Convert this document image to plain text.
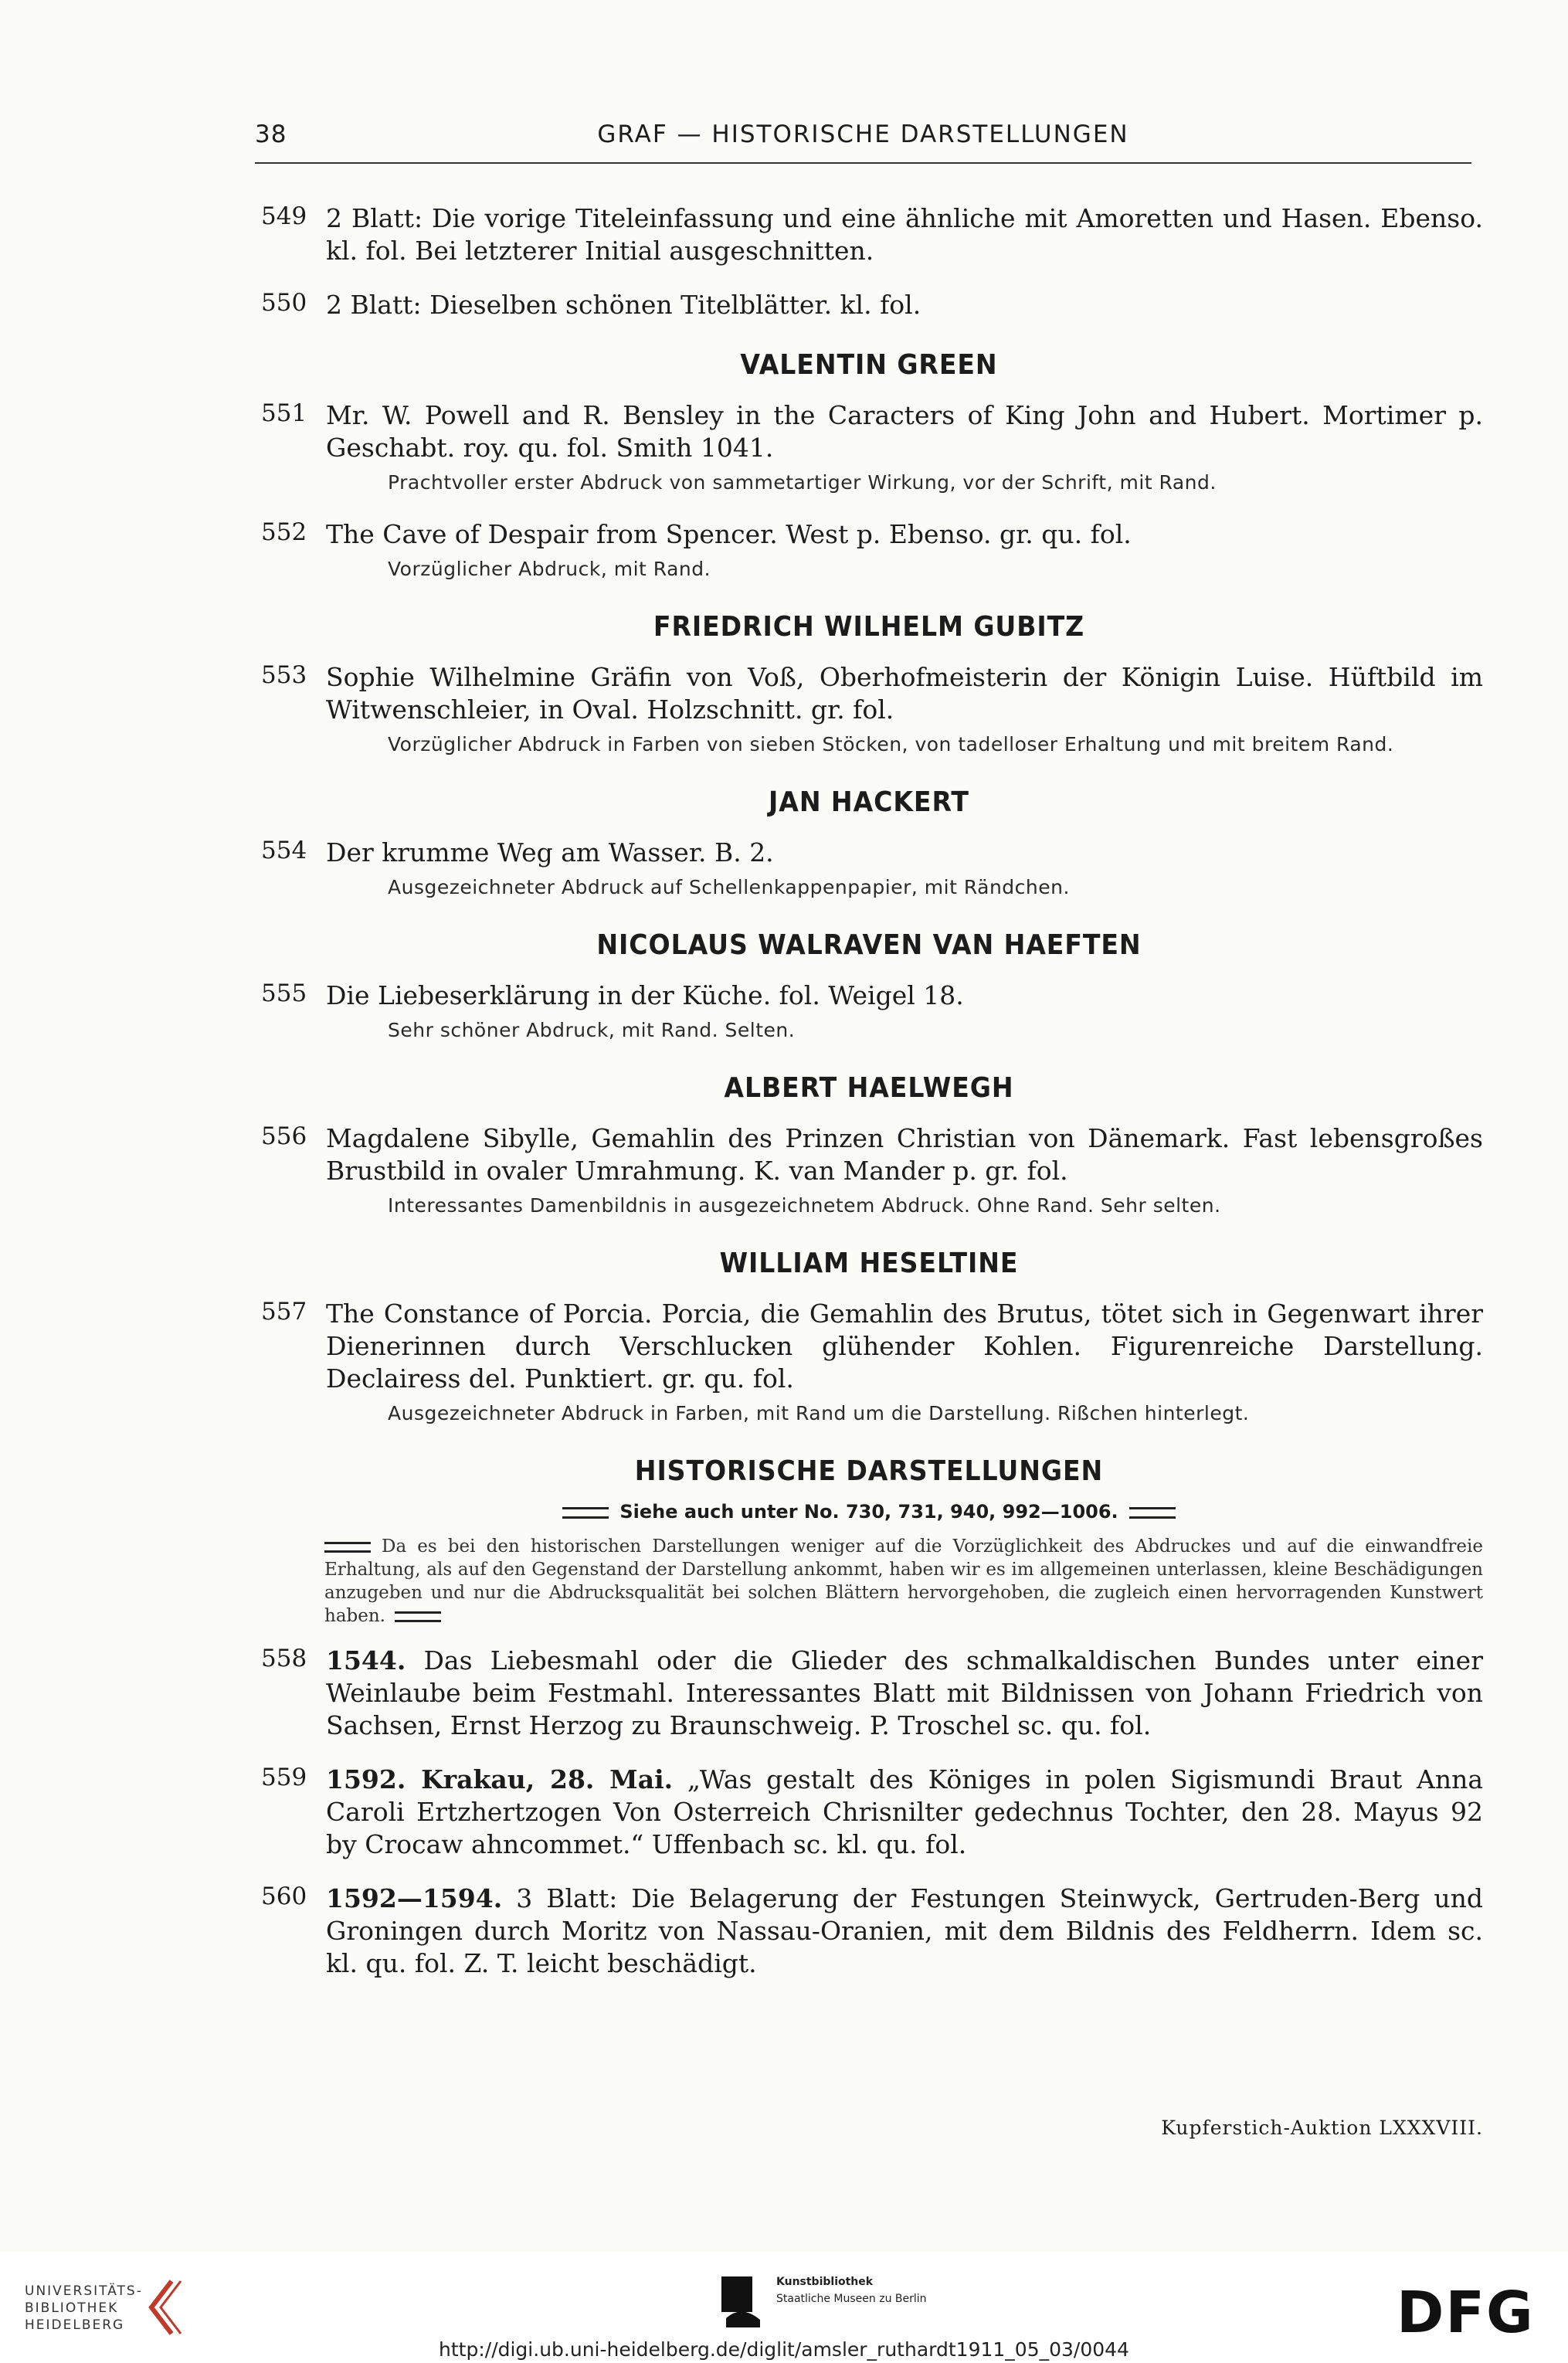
38	GRAF — HISTORISCHE DARSTELLUNGEN
549 2 Blatt: Die vorige Titeleinfassung und eine ähnliche mit Amoretten und Hasen. Ebenso. kl. fol. Bei letzterer Initial ausgeschnitten.
550 2 Blatt: Dieselben schönen Titelblätter. kl. fol.
VALENTIN GREEN
551 Mr. W. Powell and R. Bensley in the Caracters of King John and Hubert. Mortimer p. Geschabt. roy. qu. fol. Smith 1041.
Prachtvoller erster Abdruck von sammetartiger Wirkung, vor der Schrift, mit Rand.
552 The Cave of Despair from Spencer. West p. Ebenso. gr. qu. fol.
Vorzüglicher Abdruck, mit Rand.
FRIEDRICH WILHELM GUBITZ
553 Sophie Wilhelmine Gräfin von Voß, Oberhofmeisterin der Königin Luise. Hüftbild im Witwenschleier, in Oval. Holzschnitt. gr. fol.
Vorzüglicher Abdruck in Farben von sieben Stöcken, von tadelloser Erhaltung und mit breitem Rand.
JAN HACKERT
554 Der krumme Weg am Wasser. B. 2.
Ausgezeichneter Abdruck auf Schellenkappenpapier, mit Rändchen.
NICOLAUS WALRAVEN VAN HAEFTEN
555 Die Liebeserklärung in der Küche. fol. Weigel 18.
Sehr schöner Abdruck, mit Rand. Selten.
ALBERT HAELWEGH
556 Magdalene Sibylle, Gemahlin des Prinzen Christian von Dänemark. Fast lebensgroßes Brustbild in ovaler Umrahmung. K. van Mander p. gr. fol.
Interessantes Damenbildnis in ausgezeichnetem Abdruck. Ohne Rand. Sehr selten.
WILLIAM HESELTINE
557 The Constance of Porcia. Porcia, die Gemahlin des Brutus, tötet sich in Gegenwart ihrer Dienerinnen durch Verschlucken glühender Kohlen. Figurenreiche Darstellung. Declairess del. Punktiert. gr. qu. fol.
Ausgezeichneter Abdruck in Farben, mit Rand um die Darstellung. Rißchen hinterlegt.
HISTORISCHE DARSTELLUNGEN
Siehe auch unter No. 730, 731, 940, 992—1006.
Da es bei den historischen Darstellungen weniger auf die Vorzüglichkeit des Abdruckes und auf die einwandfreie Erhaltung, als auf den Gegenstand der Darstellung ankommt, haben wir es im allgemeinen unterlassen, kleine Beschädigungen anzugeben und nur die Abdrucksqualität bei solchen Blättern hervorgehoben, die zugleich einen hervorragenden Kunstwert haben.
558 1544. Das Liebesmahl oder die Glieder des schmalkaldischen Bundes unter einer Weinlaube beim Festmahl. Interessantes Blatt mit Bildnissen von Johann Friedrich von Sachsen, Ernst Herzog zu Braunschweig. P. Troschel sc. qu. fol.
559 1592. Krakau, 28. Mai. „Was gestalt des Königes in polen Sigismundi Braut Anna Caroli Ertzhertzogen Von Osterreich Chrisnilter gedechnus Tochter, den 28. Mayus 92 by Crocaw ahncommet.“ Uffenbach sc. kl. qu. fol.
560 1592—1594. 3 Blatt: Die Belagerung der Festungen Steinwyck, Gertruden-Berg und Groningen durch Moritz von Nassau-Oranien, mit dem Bildnis des Feldherrn. Idem sc. kl. qu. fol. Z. T. leicht beschädigt.
Kupferstich-Auktion LXXXVIII.
UNIVERSITÄTS-
BIBLIOTHEK
HEIDELBERG
Kunstbibliothek
Staatliche Museen zu Berlin	DFG
http://digi.ub.uni-heidelberg.de/diglit/amsler_ruthardt1911_05_03/0044
